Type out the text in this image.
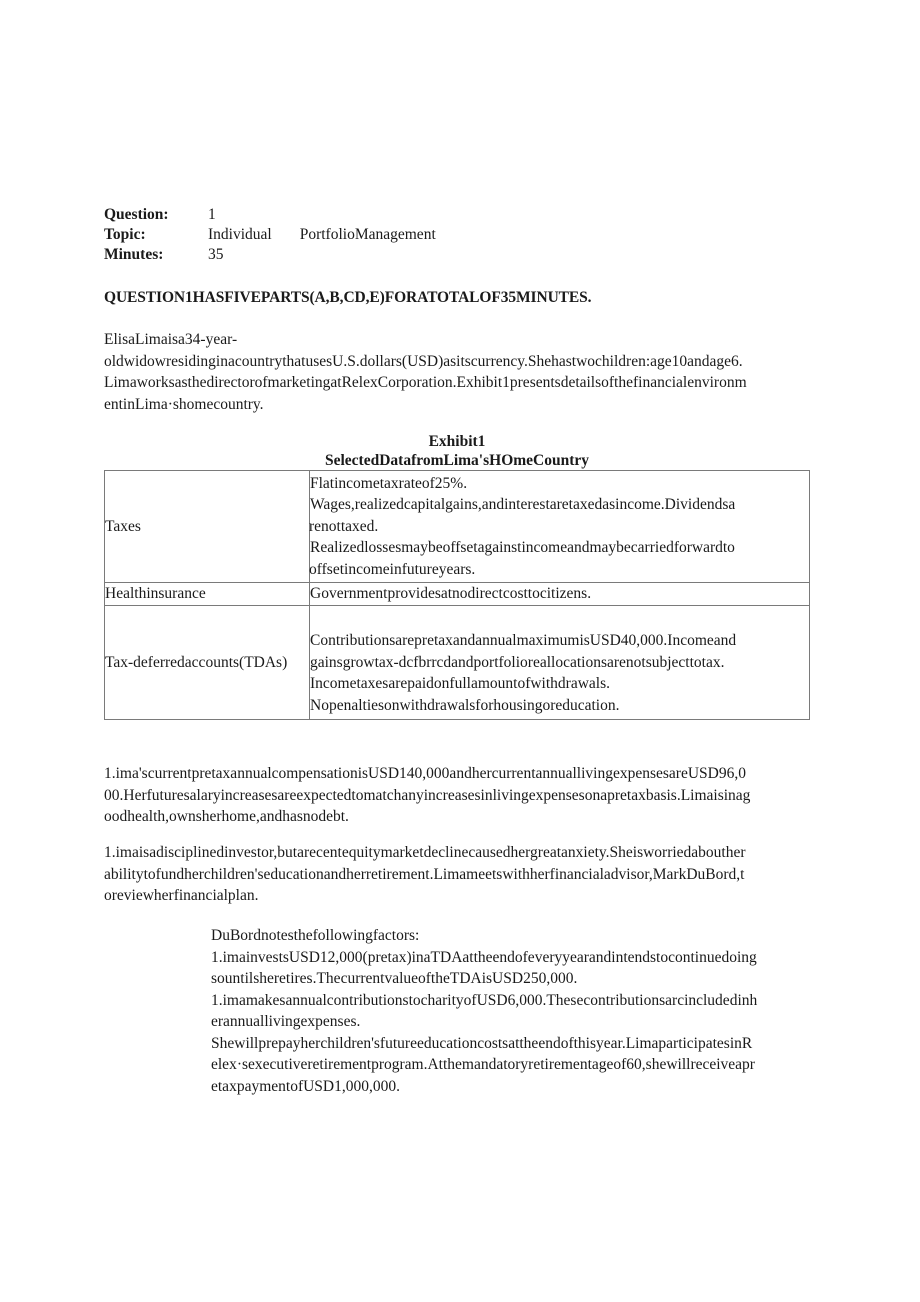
Question:	1
Topic:	Individual PortfolioManagement
Minutes:	35
QUESTION1HASFIVEPARTS(A,B,CD,E)FORATOTALOF35MINUTES.
ElisaLimaisa34-year-
oldwidowresidinginacountrythatusesU.S.dollars(USD)asitscurrency.Shehastwochildren:age10andage6.
LimaworksasthedirectorofmarketingatRelexCorporation.Exhibit1presentsdetailsofthefinancialenvironm
entinLima·shomecountry.
Exhibit1
SelectedDatafromLima'sHOmeCountry
Taxes	Flatincometaxrateof25%.
Wages,realizedcapitalgains,andinterestaretaxedasincome.Dividendsa
renottaxed.
Realizedlossesmaybeoffsetagainstincomeandmaybecarriedforwardto
offsetincomeinfutureyears.

Healthinsurance	Governmentprovidesatnodirectcosttocitizens.

Tax-deferredaccounts(TDAs)	ContributionsarepretaxandannualmaximumisUSD40,000.Incomeand
gainsgrowtax-dcfbrrcdandportfolioreallocationsarenotsubjecttotax.
Incometaxesarepaidonfullamountofwithdrawals.
Nopenaltiesonwithdrawalsforhousingoreducation.
1.ima'scurrentpretaxannualcompensationisUSD140,000andhercurrentannuallivingexpensesareUSD96,0
00.Herfuturesalaryincreasesareexpectedtomatchanyincreasesinlivingexpensesonapretaxbasis.Limaisinag
oodhealth,ownsherhome,andhasnodebt.
1.imaisadisciplinedinvestor,butarecentequitymarketdeclinecausedhergreatanxiety.Sheisworriedabouther
abilitytofundherchildren'seducationandherretirement.Limameetswithherfinancialadvisor,MarkDuBord,t
oreviewherfinancialplan.
DuBordnotesthefollowingfactors:
1.imainvestsUSD12,000(pretax)inaTDAattheendofeveryyearandintendstocontinuedoing
sountilsheretires.ThecurrentvalueoftheTDAisUSD250,000.
1.imamakesannualcontributionstocharityofUSD6,000.Thesecontributionsarcincludedinh
erannuallivingexpenses.
Shewillprepayherchildren'sfutureeducationcostsattheendofthisyear.LimaparticipatesinR
elex·sexecutiveretirementprogram.Atthemandatoryretirementageof60,shewillreceiveapr
etaxpaymentofUSD1,000,000.
